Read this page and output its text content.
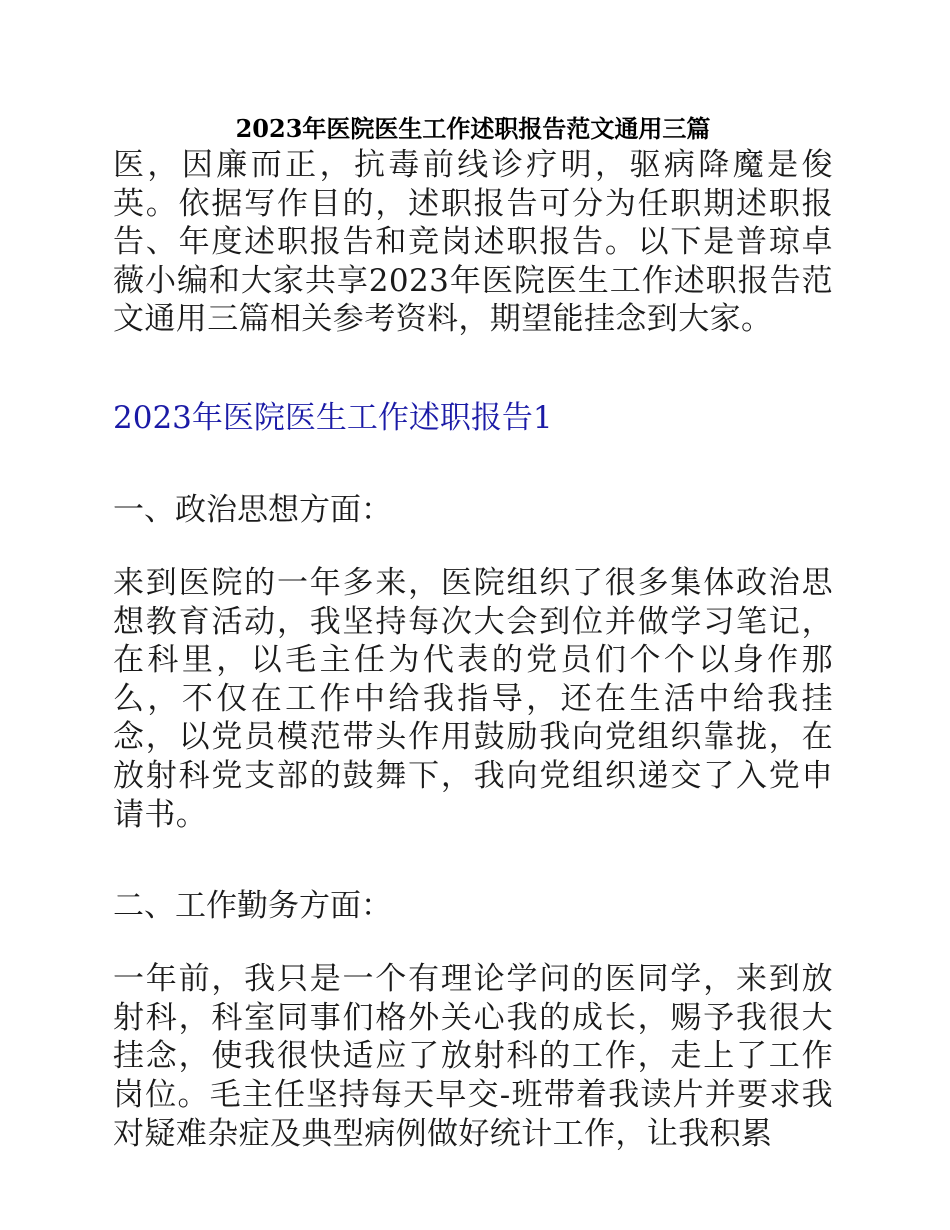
2023年医院医生工作述职报告范文通用三篇

医，因廉而正，抗毒前线诊疗明，驱病降魔是俊英。依据写作目的，述职报告可分为任职期述职报告、年度述职报告和竞岗述职报告。以下是普琼卓薇小编和大家共享2023年医院医生工作述职报告范文通用三篇相关参考资料，期望能挂念到大家。

2023年医院医生工作述职报告1
一、政治思想方面：

来到医院的一年多来，医院组织了很多集体政治思想教育活动，我坚持每次大会到位并做学习笔记，在科里，以毛主任为代表的党员们个个以身作那么，不仅在工作中给我指导，还在生活中给我挂念，以党员模范带头作用鼓励我向党组织靠拢，在放射科党支部的鼓舞下，我向党组织递交了入党申请书。

二、工作勤务方面：

一年前，我只是一个有理论学问的医同学，来到放射科，科室同事们格外关心我的成长，赐予我很大挂念，使我很快适应了放射科的工作，走上了工作岗位。毛主任坚持每天早交-班带着我读片并要求我对疑难杂症及典型病例做好统计工作，让我积累
